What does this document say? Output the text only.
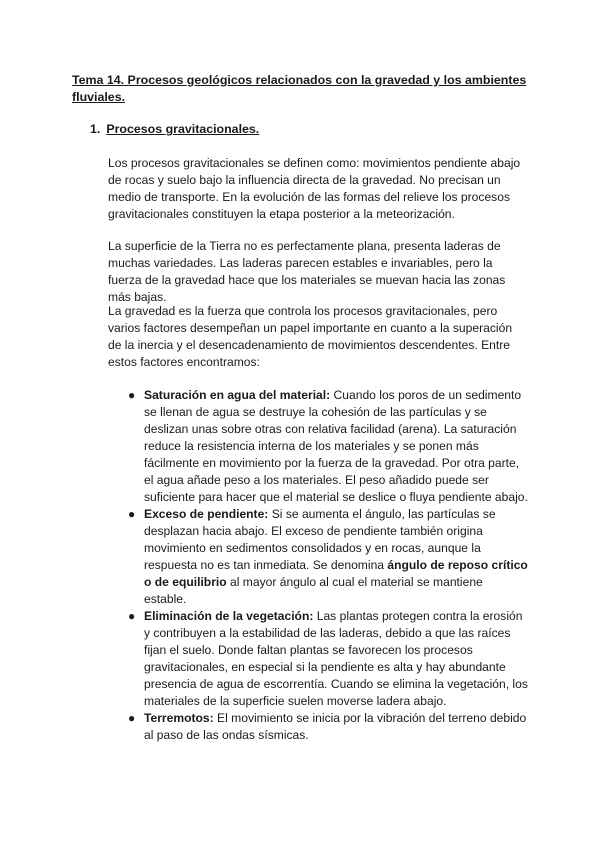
Tema 14. Procesos geológicos relacionados con la gravedad y los ambientes fluviales.
1. Procesos gravitacionales.

Los procesos gravitacionales se definen como: movimientos pendiente abajo de rocas y suelo bajo la influencia directa de la gravedad. No precisan un medio de transporte. En la evolución de las formas del relieve los procesos gravitacionales constituyen la etapa posterior a la meteorización.

La superficie de la Tierra no es perfectamente plana, presenta laderas de muchas variedades. Las laderas parecen estables e invariables, pero la fuerza de la gravedad hace que los materiales se muevan hacia las zonas más bajas.

La gravedad es la fuerza que controla los procesos gravitacionales, pero varios factores desempeñan un papel importante en cuanto a la superación de la inercia y el desencadenamiento de movimientos descendentes. Entre estos factores encontramos:

● Saturación en agua del material: Cuando los poros de un sedimento se llenan de agua se destruye la cohesión de las partículas y se deslizan unas sobre otras con relativa facilidad (arena). La saturación reduce la resistencia interna de los materiales y se ponen más fácilmente en movimiento por la fuerza de la gravedad. Por otra parte, el agua añade peso a los materiales. El peso añadido puede ser suficiente para hacer que el material se deslice o fluya pendiente abajo.
● Exceso de pendiente: Si se aumenta el ángulo, las partículas se desplazan hacia abajo. El exceso de pendiente también origina movimiento en sedimentos consolidados y en rocas, aunque la respuesta no es tan inmediata. Se denomina ángulo de reposo crítico o de equilibrio al mayor ángulo al cual el material se mantiene estable.
● Eliminación de la vegetación: Las plantas protegen contra la erosión y contribuyen a la estabilidad de las laderas, debido a que las raíces fijan el suelo. Donde faltan plantas se favorecen los procesos gravitacionales, en especial si la pendiente es alta y hay abundante presencia de agua de escorrentía. Cuando se elimina la vegetación, los materiales de la superficie suelen moverse ladera abajo.
● Terremotos: El movimiento se inicia por la vibración del terreno debido al paso de las ondas sísmicas.
